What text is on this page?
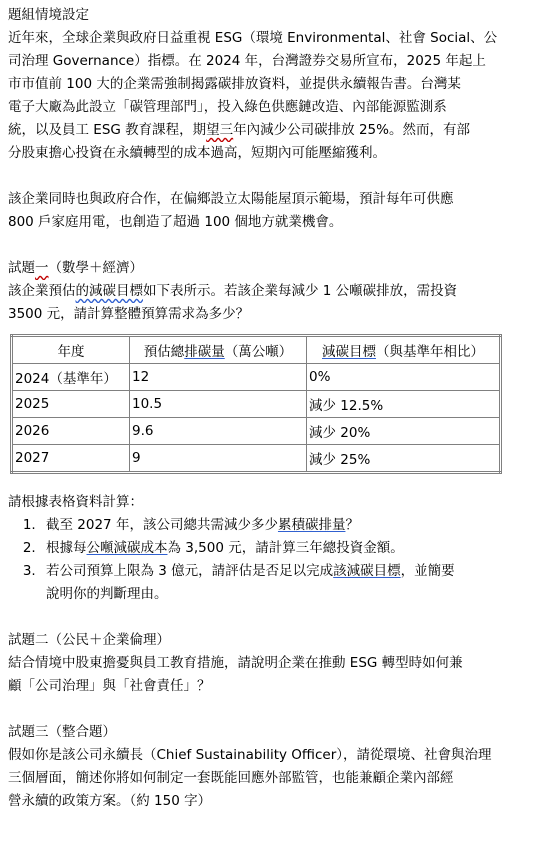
題組情境設定
近年來，全球企業與政府日益重視 ESG（環境 Environmental、社會 Social、公
司治理 Governance）指標。在 2024 年，台灣證券交易所宣布，2025 年起上
市市值前 100 大的企業需強制揭露碳排放資料，並提供永續報告書。台灣某
電子大廠為此設立「碳管理部門」，投入綠色供應鏈改造、內部能源監測系
統，以及員工 ESG 教育課程，期望三年內減少公司碳排放 25%。然而，有部
分股東擔心投資在永續轉型的成本過高，短期內可能壓縮獲利。
該企業同時也與政府合作，在偏鄉設立太陽能屋頂示範場，預計每年可供應
800 戶家庭用電，也創造了超過 100 個地方就業機會。
試題一（數學＋經濟）
該企業預估的減碳目標如下表所示。若該企業每減少 1 公噸碳排放，需投資
3500 元，請計算整體預算需求為多少？
年度	預估總排碳量（萬公噸）	減碳目標（與基準年相比）
2024（基準年）	12	0%
2025	10.5	減少 12.5%
2026	9.6	減少 20%
2027	9	減少 25%
請根據表格資料計算：
1. 截至 2027 年，該公司總共需減少多少累積碳排量？
2. 根據每公噸減碳成本為 3,500 元，請計算三年總投資金額。
3. 若公司預算上限為 3 億元，請評估是否足以完成該減碳目標，並簡要
說明你的判斷理由。
試題二（公民＋企業倫理）
結合情境中股東擔憂與員工教育措施，請說明企業在推動 ESG 轉型時如何兼
顧「公司治理」與「社會責任」？
試題三（整合題）
假如你是該公司永續長（Chief Sustainability Officer），請從環境、社會與治理
三個層面，簡述你將如何制定一套既能回應外部監管，也能兼顧企業內部經
營永續的政策方案。（約 150 字）
